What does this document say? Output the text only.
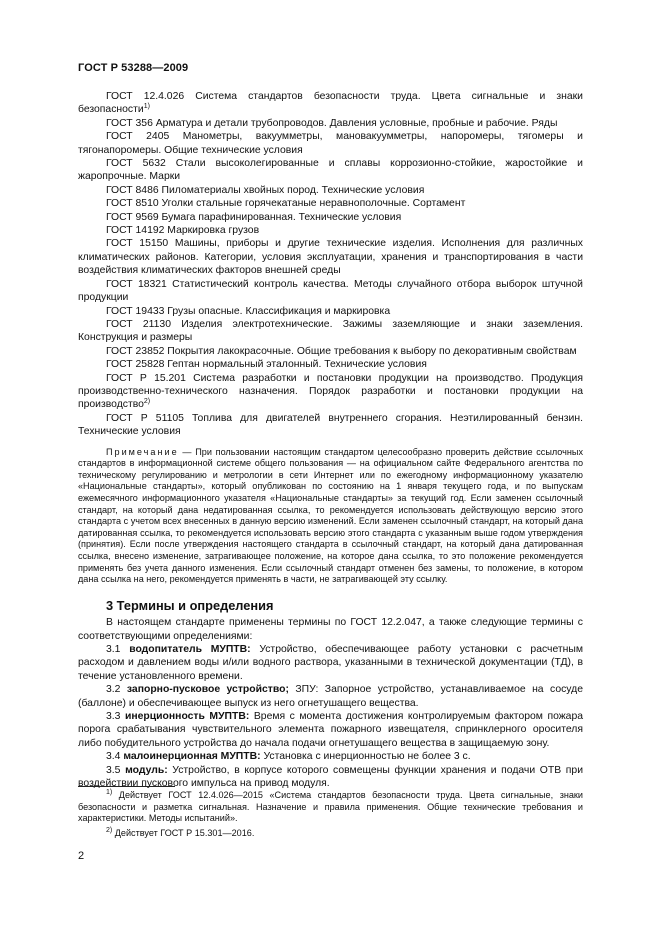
ГОСТ Р 53288—2009

ГОСТ 12.4.026 Система стандартов безопасности труда. Цвета сигнальные и знаки безопасности$^{1)}$

ГОСТ 356 Арматура и детали трубопроводов. Давления условные, пробные и рабочие. Ряды

ГОСТ 2405 Манометры, вакуумметры, мановакуумметры, напоромеры, тягомеры и тягонапоромеры. Общие технические условия

ГОСТ 5632 Стали высоколегированные и сплавы коррозионно-стойкие, жаростойкие и жаропрочные. Марки

ГОСТ 8486 Пиломатериалы хвойных пород. Технические условия

ГОСТ 8510 Уголки стальные горячекатаные неравнополочные. Сортамент

ГОСТ 9569 Бумага парафинированная. Технические условия

ГОСТ 14192 Маркировка грузов

ГОСТ 15150 Машины, приборы и другие технические изделия. Исполнения для различных климатических районов. Категории, условия эксплуатации, хранения и транспортирования в части воздействия климатических факторов внешней среды

ГОСТ 18321 Статистический контроль качества. Методы случайного отбора выборок штучной продукции

ГОСТ 19433 Грузы опасные. Классификация и маркировка

ГОСТ 21130 Изделия электротехнические. Зажимы заземляющие и знаки заземления. Конструкция и размеры

ГОСТ 23852 Покрытия лакокрасочные. Общие требования к выбору по декоративным свойствам

ГОСТ 25828 Гептан нормальный эталонный. Технические условия

ГОСТ Р 15.201 Система разработки и постановки продукции на производство. Продукция производственно-технического назначения. Порядок разработки и постановки продукции на производство$^{2)}$

ГОСТ Р 51105 Топлива для двигателей внутреннего сгорания. Неэтилированный бензин. Технические условия

Примечание — При пользовании настоящим стандартом целесообразно проверить действие ссылочных стандартов в информационной системе общего пользования — на официальном сайте Федерального агентства по техническому регулированию и метрологии в сети Интернет или по ежегодному информационному указателю «Национальные стандарты», который опубликован по состоянию на 1 января текущего года, и по выпускам ежемесячного информационного указателя «Национальные стандарты» за текущий год. Если заменен ссылочный стандарт, на который дана недатированная ссылка, то рекомендуется использовать действующую версию этого стандарта с учетом всех внесенных в данную версию изменений. Если заменен ссылочный стандарт, на который дана датированная ссылка, то рекомендуется использовать версию этого стандарта с указанным выше годом утверждения (принятия). Если после утверждения настоящего стандарта в ссылочный стандарт, на который дана датированная ссылка, внесено изменение, затрагивающее положение, на которое дана ссылка, то это положение рекомендуется применять без учета данного изменения. Если ссылочный стандарт отменен без замены, то положение, в котором дана ссылка на него, рекомендуется применять в части, не затрагивающей эту ссылку.

3 Термины и определения

В настоящем стандарте применены термины по ГОСТ 12.2.047, а также следующие термины с соответствующими определениями:

3.1 водопитатель МУПТВ: Устройство, обеспечивающее работу установки с расчетным расходом и давлением воды и/или водного раствора, указанными в технической документации (ТД), в течение установленного времени.

3.2 запорно-пусковое устройство; ЗПУ: Запорное устройство, устанавливаемое на сосуде (баллоне) и обеспечивающее выпуск из него огнетушащего вещества.

3.3 инерционность МУПТВ: Время с момента достижения контролируемым фактором пожара порога срабатывания чувствительного элемента пожарного извещателя, спринклерного оросителя либо побудительного устройства до начала подачи огнетушащего вещества в защищаемую зону.

3.4 малоинерционная МУПТВ: Установка с инерционностью не более 3 с.

3.5 модуль: Устройство, в корпусе которого совмещены функции хранения и подачи ОТВ при воздействии пускового импульса на привод модуля.

$^{1)}$ Действует ГОСТ 12.4.026—2015 «Система стандартов безопасности труда. Цвета сигнальные, знаки безопасности и разметка сигнальная. Назначение и правила применения. Общие технические требования и характеристики. Методы испытаний».

$^{2)}$ Действует ГОСТ Р 15.301—2016.

2
